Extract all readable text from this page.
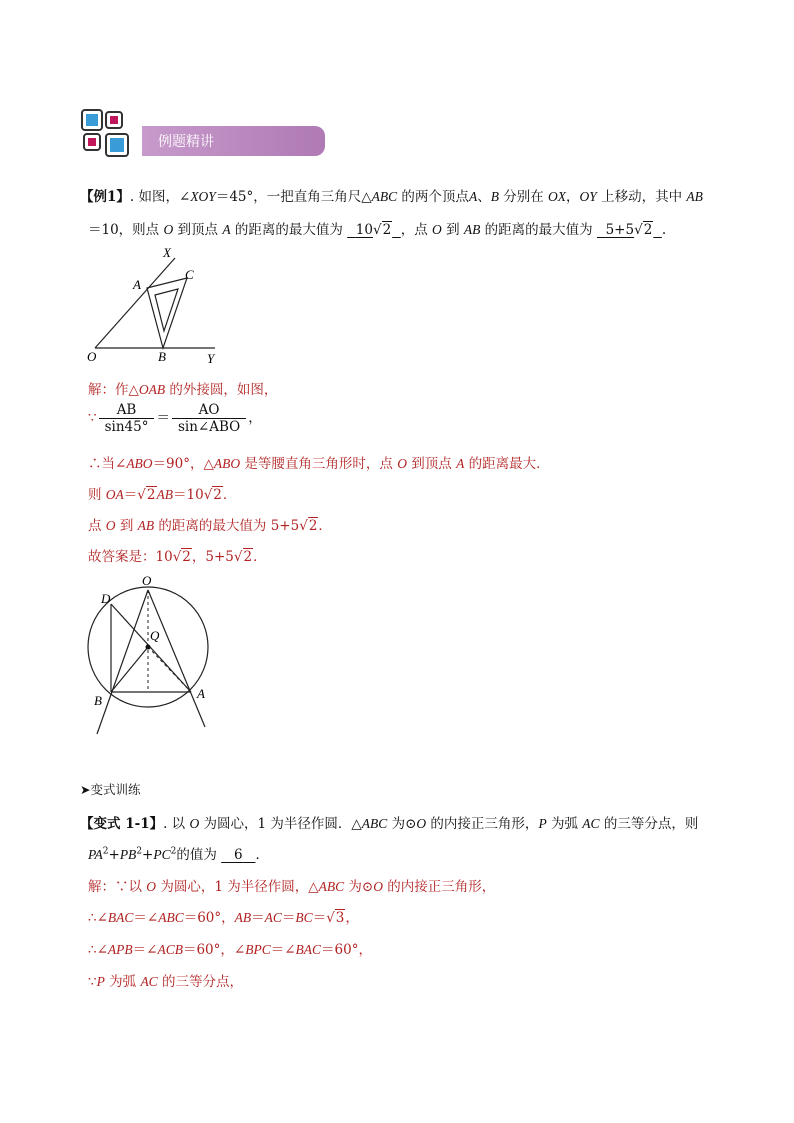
例题精讲
【例1】. 如图，∠XOY＝45°，一把直角三角尺△ABC 的两个顶点A、B 分别在 OX，OY 上移动，其中 AB
＝10，则点 O 到顶点 A 的距离的最大值为   10√2 ，点 O 到 AB 的距离的最大值为   5+5√2 .
X
A
C
O	B	Y
解：作△OAB 的外接圆，如图，
∵ $\frac{AB}{\sin 45^\circ} = \frac{AO}{\text{sin∠ABO}}$ ，
∴当∠ABO＝90°，△ABO 是等腰直角三角形时，点 O 到顶点 A 的距离最大．
则 OA＝√2AB＝10√2．
点 O 到 AB 的距离的最大值为 5+5√2．
故答案是：10√2，5+5√2．
O
D
Q
B	A
➤变式训练
【变式 1-1】. 以 O 为圆心，1 为半径作圆．△ABC 为⊙O 的内接正三角形，P 为弧 AC 的三等分点，则
$PA^2+PB^2+PC^2$的值为    6 ．
解：∵以 O 为圆心，1 为半径作圆，△ABC 为⊙O 的内接正三角形，
∴∠BAC＝∠ABC＝60°，AB＝AC＝BC＝√3，
∴∠APB＝∠ACB＝60°，∠BPC＝∠BAC＝60°，
∵P 为弧 AC 的三等分点，
